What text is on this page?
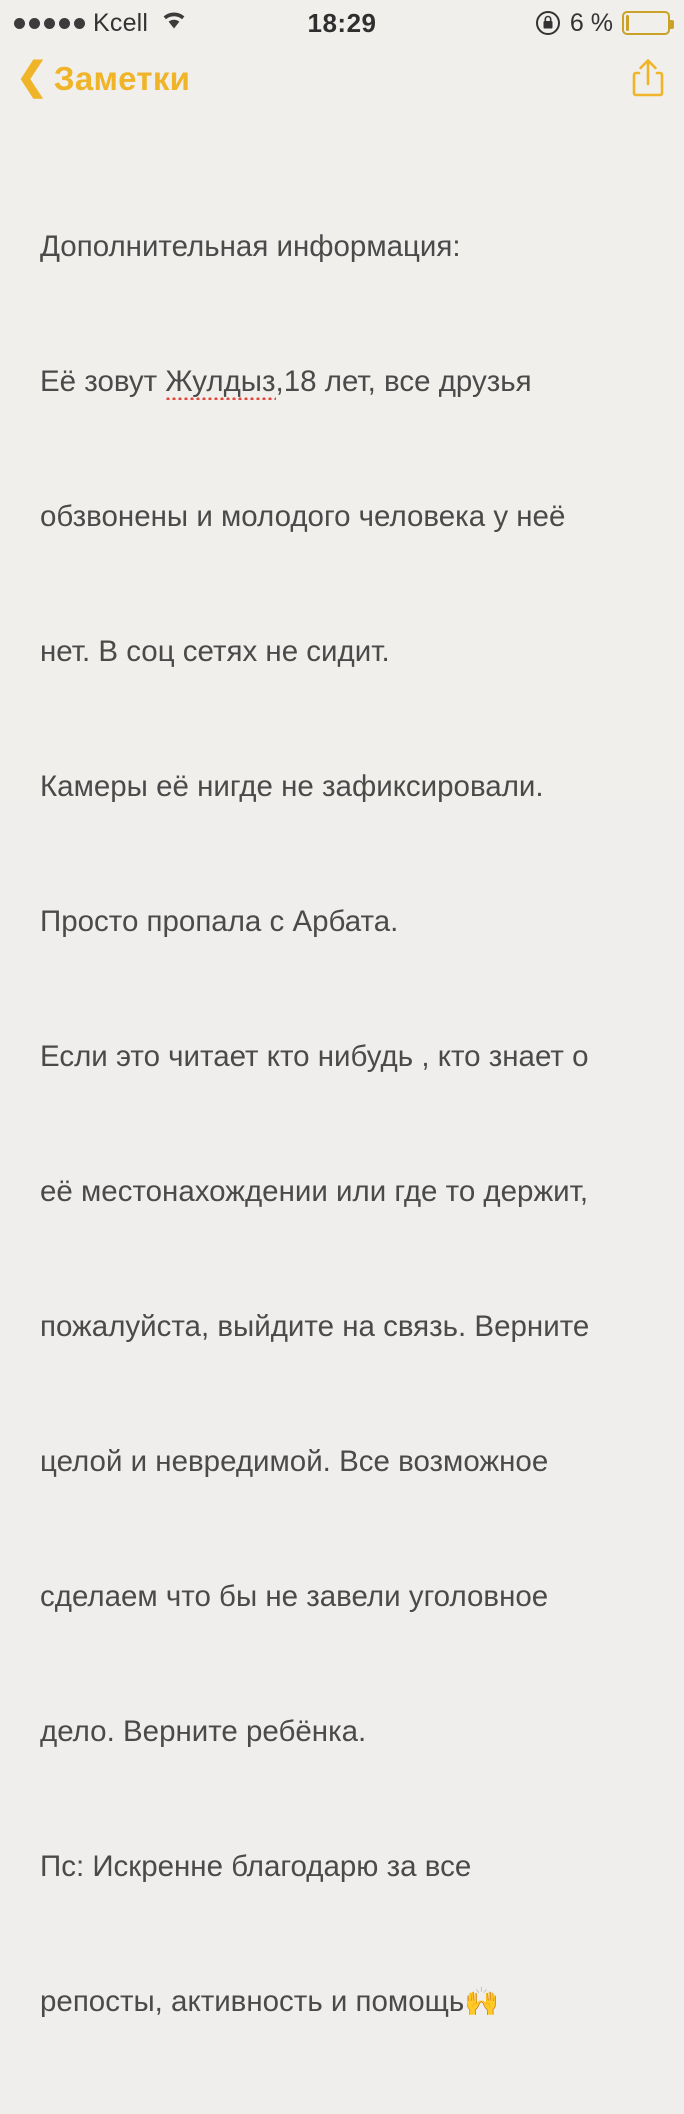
Kcell	18:29	6 %
❮ Заметки

Дополнительная информация:

Её зовут Жулдыз,18 лет, все друзья

обзвонены и молодого человека у неё

нет. В соц сетях не сидит.

Камеры её нигде не зафиксировали.

Просто пропала с Арбата.

Если это читает кто нибудь , кто знает о

её местонахождении или где то держит,

пожалуйста, выйдите на связь. Верните

целой и невредимой. Все возможное

сделаем что бы не завели уголовное

дело. Верните ребёнка.

Пс: Искренне благодарю за все

репосты, активность и помощь🙌
